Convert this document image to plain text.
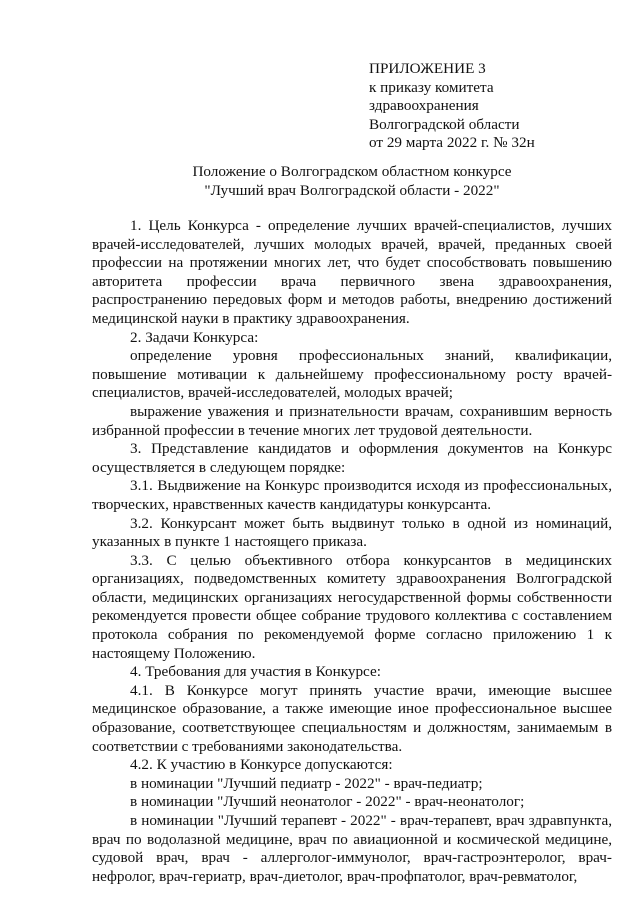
ПРИЛОЖЕНИЕ 3
к приказу комитета
здравоохранения
Волгоградской области
от 29 марта 2022 г. № 32н
Положение о Волгоградском областном конкурсе
"Лучший врач Волгоградской области - 2022"

1. Цель Конкурса - определение лучших врачей-специалистов, лучших врачей-исследователей, лучших молодых врачей, врачей, преданных своей профессии на протяжении многих лет, что будет способствовать повышению авторитета профессии врача первичного звена здравоохранения, распространению передовых форм и методов работы, внедрению достижений медицинской науки в практику здравоохранения.

2. Задачи Конкурса:

определение уровня профессиональных знаний, квалификации, повышение мотивации к дальнейшему профессиональному росту врачей-специалистов, врачей-исследователей, молодых врачей;

выражение уважения и признательности врачам, сохранившим верность избранной профессии в течение многих лет трудовой деятельности.

3. Представление кандидатов и оформления документов на Конкурс осуществляется в следующем порядке:

3.1. Выдвижение на Конкурс производится исходя из профессиональных, творческих, нравственных качеств кандидатуры конкурсанта.

3.2. Конкурсант может быть выдвинут только в одной из номинаций, указанных в пункте 1 настоящего приказа.

3.3. С целью объективного отбора конкурсантов в медицинских организациях, подведомственных комитету здравоохранения Волгоградской области, медицинских организациях негосударственной формы собственности рекомендуется провести общее собрание трудового коллектива с составлением протокола собрания по рекомендуемой форме согласно приложению 1 к настоящему Положению.

4. Требования для участия в Конкурсе:

4.1. В Конкурсе могут принять участие врачи, имеющие высшее медицинское образование, а также имеющие иное профессиональное высшее образование, соответствующее специальностям и должностям, занимаемым в соответствии с требованиями законодательства.

4.2. К участию в Конкурсе допускаются:

в номинации "Лучший педиатр - 2022" - врач-педиатр;

в номинации "Лучший неонатолог - 2022" - врач-неонатолог;

в номинации "Лучший терапевт - 2022" - врач-терапевт, врач здравпункта, врач по водолазной медицине, врач по авиационной и космической медицине, судовой врач, врач - аллерголог-иммунолог, врач-гастроэнтеролог, врач-нефролог, врач-гериатр, врач-диетолог, врач-профпатолог, врач-ревматолог,
